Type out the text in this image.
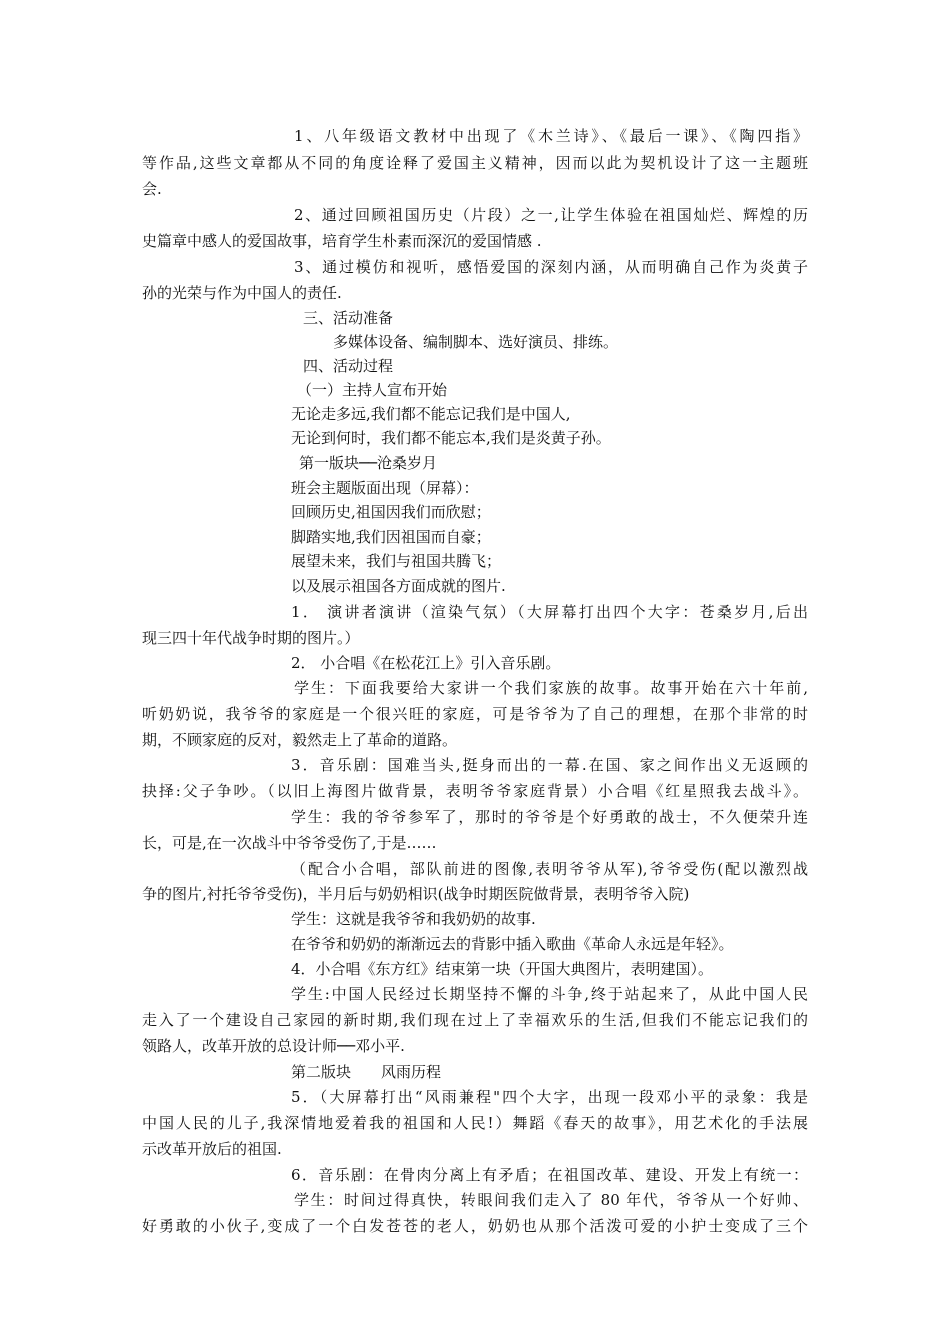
1、八年级语文教材中出现了《木兰诗》、《最后一课》、《陶四指》
等作品,这些文章都从不同的角度诠释了爱国主义精神，因而以此为契机设计了这一主题班
会.
2、通过回顾祖国历史（片段）之一,让学生体验在祖国灿烂、辉煌的历
史篇章中感人的爱国故事，培育学生朴素而深沉的爱国情感 .
3、通过模仿和视听，感悟爱国的深刻内涵，从而明确自己作为炎黄子
孙的光荣与作为中国人的责任.
三、活动准备
多媒体设备、编制脚本、选好演员、排练。
四、活动过程
（一）主持人宣布开始
无论走多远,我们都不能忘记我们是中国人,
无论到何时，我们都不能忘本,我们是炎黄子孙。
第一版块──沧桑岁月
班会主题版面出现（屏幕）：
回顾历史,祖国因我们而欣慰；
脚踏实地,我们因祖国而自豪；
展望未来，我们与祖国共腾飞；
以及展示祖国各方面成就的图片.
1． 演讲者演讲（渲染气氛）（大屏幕打出四个大字：苍桑岁月,后出
现三四十年代战争时期的图片。）
2． 小合唱《在松花江上》引入音乐剧。
学生：下面我要给大家讲一个我们家族的故事。故事开始在六十年前,
听奶奶说，我爷爷的家庭是一个很兴旺的家庭，可是爷爷为了自己的理想，在那个非常的时
期，不顾家庭的反对，毅然走上了革命的道路。
3．音乐剧：国难当头,挺身而出的一幕.在国、家之间作出义无返顾的
抉择:父子争吵。（以旧上海图片做背景，表明爷爷家庭背景）小合唱《红星照我去战斗》。
学生：我的爷爷参军了，那时的爷爷是个好勇敢的战士，不久便荣升连
长，可是,在一次战斗中爷爷受伤了,于是……
（配合小合唱，部队前进的图像,表明爷爷从军),爷爷受伤(配以激烈战
争的图片,衬托爷爷受伤)，半月后与奶奶相识(战争时期医院做背景，表明爷爷入院)
学生：这就是我爷爷和我奶奶的故事.
在爷爷和奶奶的渐渐远去的背影中插入歌曲《革命人永远是年轻》。
4．小合唱《东方红》结束第一块（开国大典图片，表明建国）。
学生:中国人民经过长期坚持不懈的斗争,终于站起来了，从此中国人民
走入了一个建设自己家园的新时期,我们现在过上了幸福欢乐的生活,但我们不能忘记我们的
领路人，改革开放的总设计师──邓小平.
第二版块　　风雨历程
5．（大屏幕打出“风雨兼程"四个大字，出现一段邓小平的录象：我是
中国人民的儿子,我深情地爱着我的祖国和人民!）舞蹈《春天的故事》，用艺术化的手法展
示改革开放后的祖国.
6．音乐剧：在骨肉分离上有矛盾；在祖国改革、建设、开发上有统一：
学生：时间过得真快，转眼间我们走入了 80 年代，爷爷从一个好帅、
好勇敢的小伙子,变成了一个白发苍苍的老人，奶奶也从那个活泼可爱的小护士变成了三个
